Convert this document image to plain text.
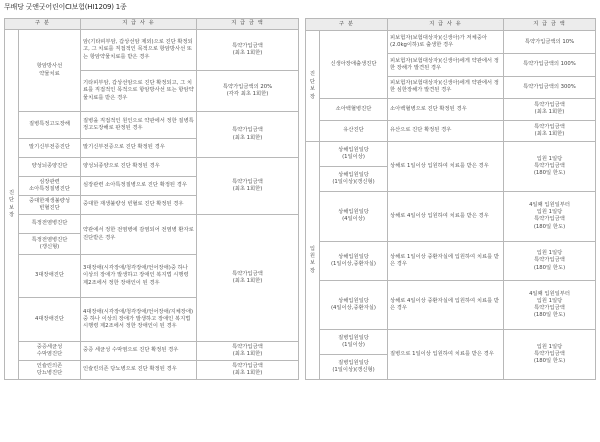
무배당 굿앤굿어린이CI보험(HI1209) 1종
구 분		지 급 사 유	지 급 금 액

진단보장	항암방사선
약물치료	암(기타피부암, 갑상선암 제외)으로 진단 확정되고, 그 치료를 직접적인 목적으로 항암방사선 또는 항암약물치료를 받은 경우	특약가입금액
(최초 1회한)
		기타피부암, 갑상선암으로 진단 확정되고, 그 치료를 직접적인 목적으로 항암방사선 또는 항암약물치료를 받은 경우	특약가입금액의 20%
(각각 최초 1회한)
	질병특정고도장해	질병을 직접적인 원인으로 약관에서 정한 질병특정고도장해로 판정된 경우	특약가입금액
(최초 1회한)
	말기신부전증진단	말기신부전증으로 진단 확정된 경우	
	양성뇌종양진단	양성뇌종양으로 진단 확정된 경우	특약가입금액
(최초 1회한)
	심장관련
소아특정질병진단	심장관련 소아특정질병으로 진단 확정된 경우	
	중대한재생불량성
빈혈진단	중대한 재생불량성 빈혈로 진단 확정된 경우	
	특정전염병진단	약관에서 정한 전염병에 감염되어 전염병 환자로 진단받은 경우	특약가입금액
(최초 1회한)
	특정전염병진단
(갱신형)		
	3대장애진단	3대장애(시각장애/청각장애/언어장애)중 하나 이상의 장애가 발생하고 장애인 복지법 시행령 제2조에서 정한 장애인이 된 경우	
	4대장애진단	4대장애(시각장애/청각장애/언어장애/지체장애)중 하나 이상의 장애가 발생하고 장애인 복지법 시행령 제2조에서 정한 장애인이 된 경우	
	중증세균성
수막염진단	중증 세균성 수막염으로 진단 확정된 경우	특약가입금액
(최초 1회한)
	인슐린의존
당뇨병진단	인슐린의존 당뇨병으로 진단 확정된 경우	특약가입금액
(최초 1회한)
구 분		지 급 사 유	지 급 금 액

진단보장	신생아장애출생진단	피보험자(보험대상자)(신생아)가 저체중아(2.0kg이하)로 출생한 경우	특약가입금액의 10%
		피보험자(보험대상자)(신생아)에게 약관에서 정한 장해가 발견된 경우	특약가입금액의 100%
		피보험자(보험대상자)(신생아)에게 약관에서 정한 심한장해가 발견된 경우	특약가입금액의 300%
	소아백혈병진단	소아백혈병으로 진단 확정된 경우	특약가입금액
(최초 1회한)
	유산진단	유산으로 진단 확정된 경우	특약가입금액
(최초 1회한)

입원보장	상해입원일당
(1일이상)	상해로 1일이상 입원하여 치료를 받은 경우	입원 1일당
특약가입금액
(180일 한도)
	상해입원일당
(1일이상)(갱신형)		
	상해입원일당
(4일이상)	상해로 4일이상 입원하여 치료를 받은 경우	4일째 입원일부터
입원 1일당
특약가입금액
(180일 한도)
	상해입원일당
(1일이상,중환자실)	상해로 1일이상 중환자실에 입원하여 치료를 받은 경우	입원 1일당
특약가입금액
(180일 한도)
	상해입원일당
(4일이상,중환자실)	상해로 4일이상 중환자실에 입원하여 치료를 받은 경우	4일째 입원일부터
입원 1일당
특약가입금액
(180일 한도)
	질병입원일당
(1일이상)	질병으로 1일이상 입원하여 치료를 받은 경우	입원 1일당
특약가입금액
(180일 한도)
	질병입원일당
(1일이상)(갱신형)		
